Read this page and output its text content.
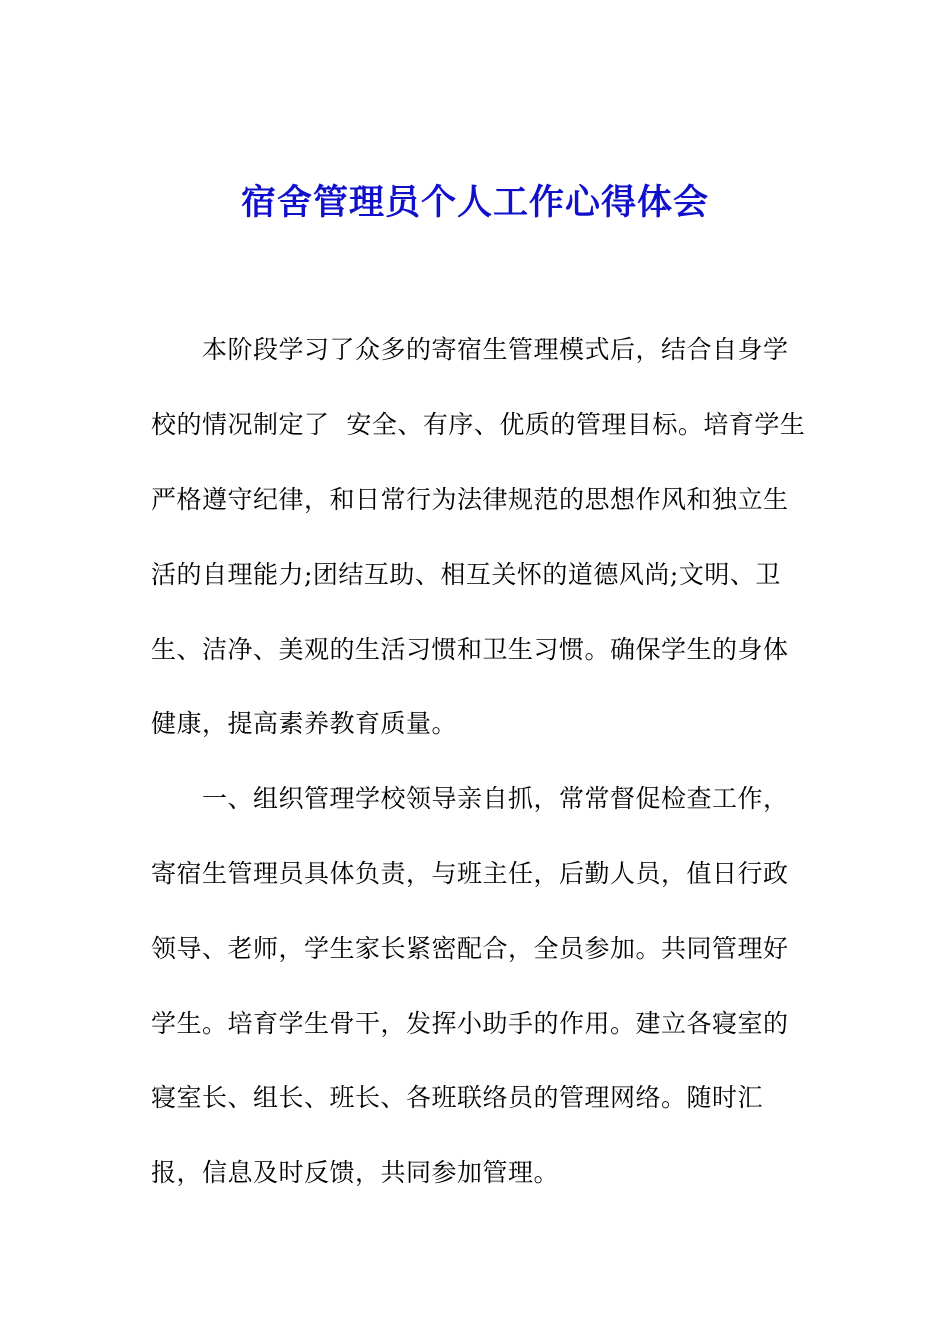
宿舍管理员个人工作心得体会

　　本阶段学习了众多的寄宿生管理模式后，结合自身学

校的情况制定了  安全、有序、优质的管理目标。培育学生

严格遵守纪律，和日常行为法律规范的思想作风和独立生

活的自理能力;团结互助、相互关怀的道德风尚;文明、卫

生、洁净、美观的生活习惯和卫生习惯。确保学生的身体

健康，提高素养教育质量。

　　一、组织管理学校领导亲自抓，常常督促检查工作，

寄宿生管理员具体负责，与班主任，后勤人员，值日行政

领导、老师，学生家长紧密配合，全员参加。共同管理好

学生。培育学生骨干，发挥小助手的作用。建立各寝室的

寝室长、组长、班长、各班联络员的管理网络。随时汇

报，信息及时反馈，共同参加管理。
